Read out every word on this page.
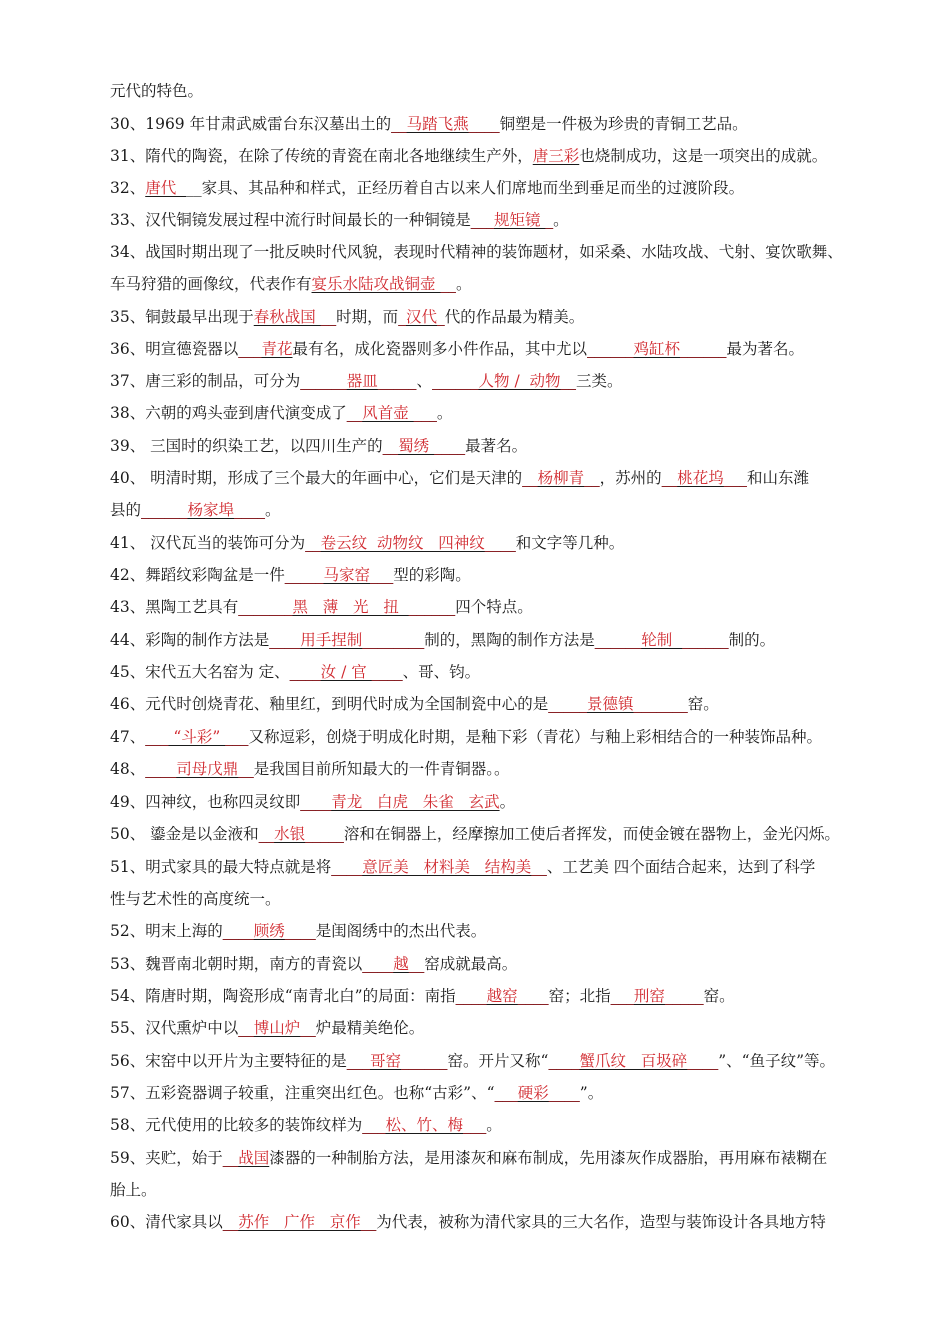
元代的特色。
30、1969 年甘肃武威雷台东汉墓出土的__马踏飞燕____铜塑是一件极为珍贵的青铜工艺品。
31、隋代的陶瓷，在除了传统的青瓷在南北各地继续生产外，唐三彩也烧制成功，这是一项突出的成就。
32、唐代  __家具、其品种和样式，正经历着自古以来人们席地而坐到垂足而坐的过渡阶段。
33、汉代铜镜发展过程中流行时间最长的一种铜镜是___规矩镜 _。
34、战国时期出现了一批反映时代风貌，表现时代精神的装饰题材，如采桑、水陆攻战、弋射、宴饮歌舞、
车马狩猎的画像纹，代表作有宴乐水陆攻战铜壶 __。
35、铜鼓最早出现于春秋战国 __时期，而_汉代_代的作品最为精美。
36、明宣德瓷器以___青花最有名，成化瓷器则多小件作品，其中尤以______鸡缸杯______最为著名。
37、唐三彩的制品，可分为______器皿_____、______人物 /  动物__三类。
38、六朝的鸡头壶到唐代演变成了__风首壶 ___。
39、 三国时的织染工艺，以四川生产的__蜀绣 ____最著名。
40、 明清时期，形成了三个最大的年画中心，它们是天津的__杨柳青__，苏州的__桃花坞___和山东潍
县的______杨家埠____。
41、 汉代瓦当的装饰可分为__卷云纹  动物纹   四神纹____和文字等几种。
42、舞蹈纹彩陶盆是一件_____马家窑___型的彩陶。
43、黑陶工艺具有_______黑   薄   光   扭  ______四个特点。
44、彩陶的制作方法是____用手捏制________制的，黑陶的制作方法是______轮制  ______制的。
45、宋代五大名窑为 定、____汝 / 官 ____、哥、钧。
46、元代时创烧青花、釉里红，到明代时成为全国制瓷中心的是_____景德镇_______窑。
47、___ “斗彩” ___又称逗彩，创烧于明成化时期，是釉下彩（青花）与釉上彩相结合的一种装饰品种。
48、____司母戊鼎__是我国目前所知最大的一件青铜器。。
49、四神纹，也称四灵纹即____青龙   白虎   朱雀   玄武。
50、 鎏金是以金液和__水银_____溶和在铜器上，经摩擦加工使后者挥发，而使金镀在器物上，金光闪烁。
51、明式家具的最大特点就是将____意匠美   材料美   结构美__、工艺美 四个面结合起来，达到了科学
性与艺术性的高度统一。
52、明末上海的____顾绣____是闺阁绣中的杰出代表。
53、魏晋南北朝时期，南方的青瓷以____越__窑成就最高。
54、隋唐时期，陶瓷形成“南青北白”的局面：南指____越窑____窑；北指___刑窑_____窑。
55、汉代熏炉中以__博山炉__炉最精美绝伦。
56、宋窑中以开片为主要特征的是___哥窑______窑。开片又称“____蟹爪纹   百圾碎____”、“鱼子纹”等。
57、五彩瓷器调子较重，注重突出红色。也称“古彩”、“___硬彩____”。
58、元代使用的比较多的装饰纹样为___松、竹、梅___。
59、夹贮，始于__战国漆器的一种制胎方法，是用漆灰和麻布制成，先用漆灰作成器胎，再用麻布裱糊在
胎上。
60、清代家具以__苏作   广作   京作__为代表，被称为清代家具的三大名作，造型与装饰设计各具地方特
